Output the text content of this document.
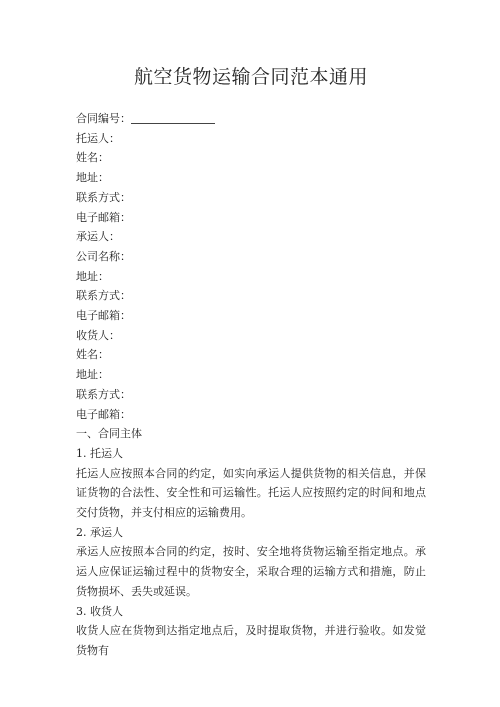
航空货物运输合同范本通用
合同编号：
托运人：
姓名：
地址：
联系方式：
电子邮箱：
承运人：
公司名称：
地址：
联系方式：
电子邮箱：
收货人：
姓名：
地址：
联系方式：
电子邮箱：
一、合同主体
1. 托运人
托运人应按照本合同的约定，如实向承运人提供货物的相关信息，并保证货物的合法性、安全性和可运输性。托运人应按照约定的时间和地点交付货物，并支付相应的运输费用。
2. 承运人
承运人应按照本合同的约定，按时、安全地将货物运输至指定地点。承运人应保证运输过程中的货物安全，采取合理的运输方式和措施，防止货物损坏、丢失或延误。
3. 收货人
收货人应在货物到达指定地点后，及时提取货物，并进行验收。如发觉货物有
